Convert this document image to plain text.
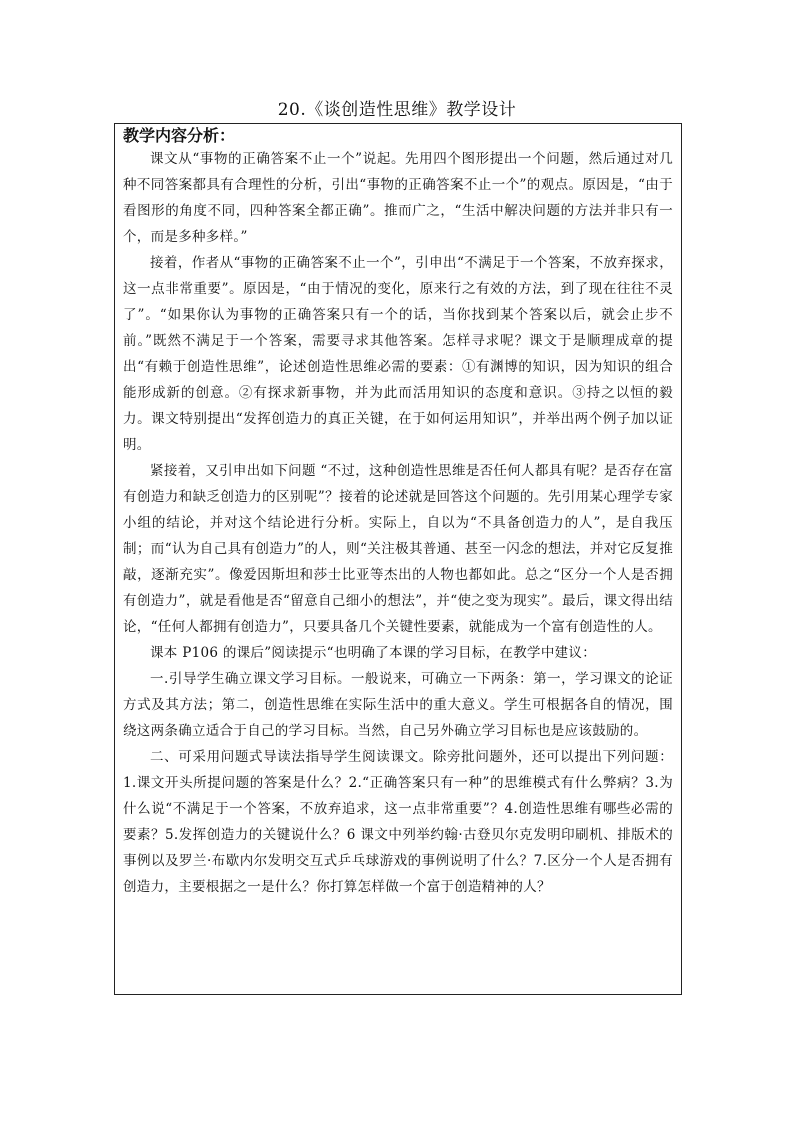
20.《谈创造性思维》教学设计
教学内容分析：

课文从“事物的正确答案不止一个”说起。先用四个图形提出一个问题，然后通过对几种不同答案都具有合理性的分析，引出“事物的正确答案不止一个”的观点。原因是，“由于看图形的角度不同，四种答案全都正确”。推而广之，“生活中解决问题的方法并非只有一个，而是多种多样。”

接着，作者从“事物的正确答案不止一个”，引申出“不满足于一个答案，不放弃探求，这一点非常重要”。原因是，“由于情况的变化，原来行之有效的方法，到了现在往往不灵了”。“如果你认为事物的正确答案只有一个的话，当你找到某个答案以后，就会止步不前。”既然不满足于一个答案，需要寻求其他答案。怎样寻求呢？课文于是顺理成章的提出“有赖于创造性思维”，论述创造性思维必需的要素：①有渊博的知识，因为知识的组合能形成新的创意。②有探求新事物，并为此而活用知识的态度和意识。③持之以恒的毅力。课文特别提出“发挥创造力的真正关键，在于如何运用知识”，并举出两个例子加以证明。

紧接着，又引申出如下问题 “不过，这种创造性思维是否任何人都具有呢？是否存在富有创造力和缺乏创造力的区别呢”？接着的论述就是回答这个问题的。先引用某心理学专家小组的结论，并对这个结论进行分析。实际上，自以为“不具备创造力的人”，是自我压制；而“认为自己具有创造力”的人，则“关注极其普通、甚至一闪念的想法，并对它反复推敲，逐渐充实”。像爱因斯坦和莎士比亚等杰出的人物也都如此。总之“区分一个人是否拥有创造力”，就是看他是否“留意自己细小的想法”，并“使之变为现实”。最后，课文得出结论，“任何人都拥有创造力”，只要具备几个关键性要素，就能成为一个富有创造性的人。

课本 P106 的课后”阅读提示“也明确了本课的学习目标，在教学中建议：

一.引导学生确立课文学习目标。一般说来，可确立一下两条：第一，学习课文的论证方式及其方法；第二，创造性思维在实际生活中的重大意义。学生可根据各自的情况，围绕这两条确立适合于自己的学习目标。当然，自己另外确立学习目标也是应该鼓励的。

二、可采用问题式导读法指导学生阅读课文。除旁批问题外，还可以提出下列问题：1.课文开头所提问题的答案是什么？2.“正确答案只有一种”的思维模式有什么弊病？3.为什么说“不满足于一个答案，不放弃追求，这一点非常重要”？4.创造性思维有哪些必需的要素？5.发挥创造力的关键说什么？6 课文中列举约翰·古登贝尔克发明印刷机、排版术的事例以及罗兰·布歇内尔发明交互式乒乓球游戏的事例说明了什么？7.区分一个人是否拥有创造力，主要根据之一是什么？你打算怎样做一个富于创造精神的人？
